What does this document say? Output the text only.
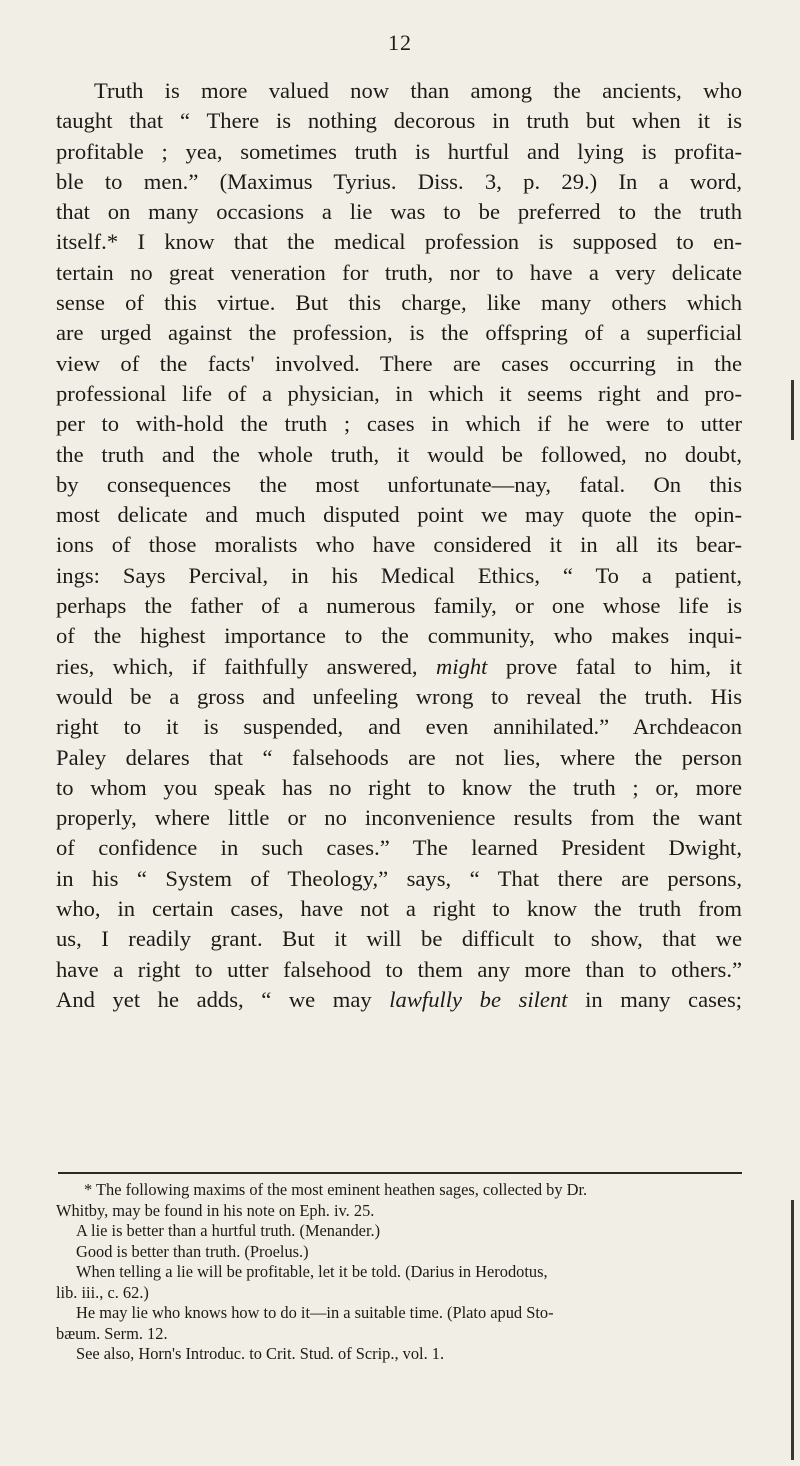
12
Truth is more valued now than among the ancients, who
taught that “ There is nothing decorous in truth but when it is
profitable ; yea, sometimes truth is hurtful and lying is profita-
ble to men.” (Maximus Tyrius. Diss. 3, p. 29.) In a word,
that on many occasions a lie was to be preferred to the truth
itself.* I know that the medical profession is supposed to en-
tertain no great veneration for truth, nor to have a very delicate
sense of this virtue. But this charge, like many others which
are urged against the profession, is the offspring of a superficial
view of the facts' involved. There are cases occurring in the
professional life of a physician, in which it seems right and pro-
per to with-hold the truth ; cases in which if he were to utter
the truth and the whole truth, it would be followed, no doubt,
by consequences the most unfortunate—nay, fatal. On this
most delicate and much disputed point we may quote the opin-
ions of those moralists who have considered it in all its bear-
ings: Says Percival, in his Medical Ethics, “ To a patient,
perhaps the father of a numerous family, or one whose life is
of the highest importance to the community, who makes inqui-
ries, which, if faithfully answered, might prove fatal to him, it
would be a gross and unfeeling wrong to reveal the truth. His
right to it is suspended, and even annihilated.” Archdeacon
Paley delares that “ falsehoods are not lies, where the person
to whom you speak has no right to know the truth ; or, more
properly, where little or no inconvenience results from the want
of confidence in such cases.” The learned President Dwight,
in his “ System of Theology,” says, “ That there are persons,
who, in certain cases, have not a right to know the truth from
us, I readily grant. But it will be difficult to show, that we
have a right to utter falsehood to them any more than to others.”
And yet he adds, “ we may lawfully be silent in many cases;
* The following maxims of the most eminent heathen sages, collected by Dr.
Whitby, may be found in his note on Eph. iv. 25.
A lie is better than a hurtful truth. (Menander.)
Good is better than truth. (Proelus.)
When telling a lie will be profitable, let it be told. (Darius in Herodotus,
lib. iii., c. 62.)
He may lie who knows how to do it—in a suitable time. (Plato apud Sto-
bæum. Serm. 12.
See also, Horn's Introduc. to Crit. Stud. of Scrip., vol. 1.
